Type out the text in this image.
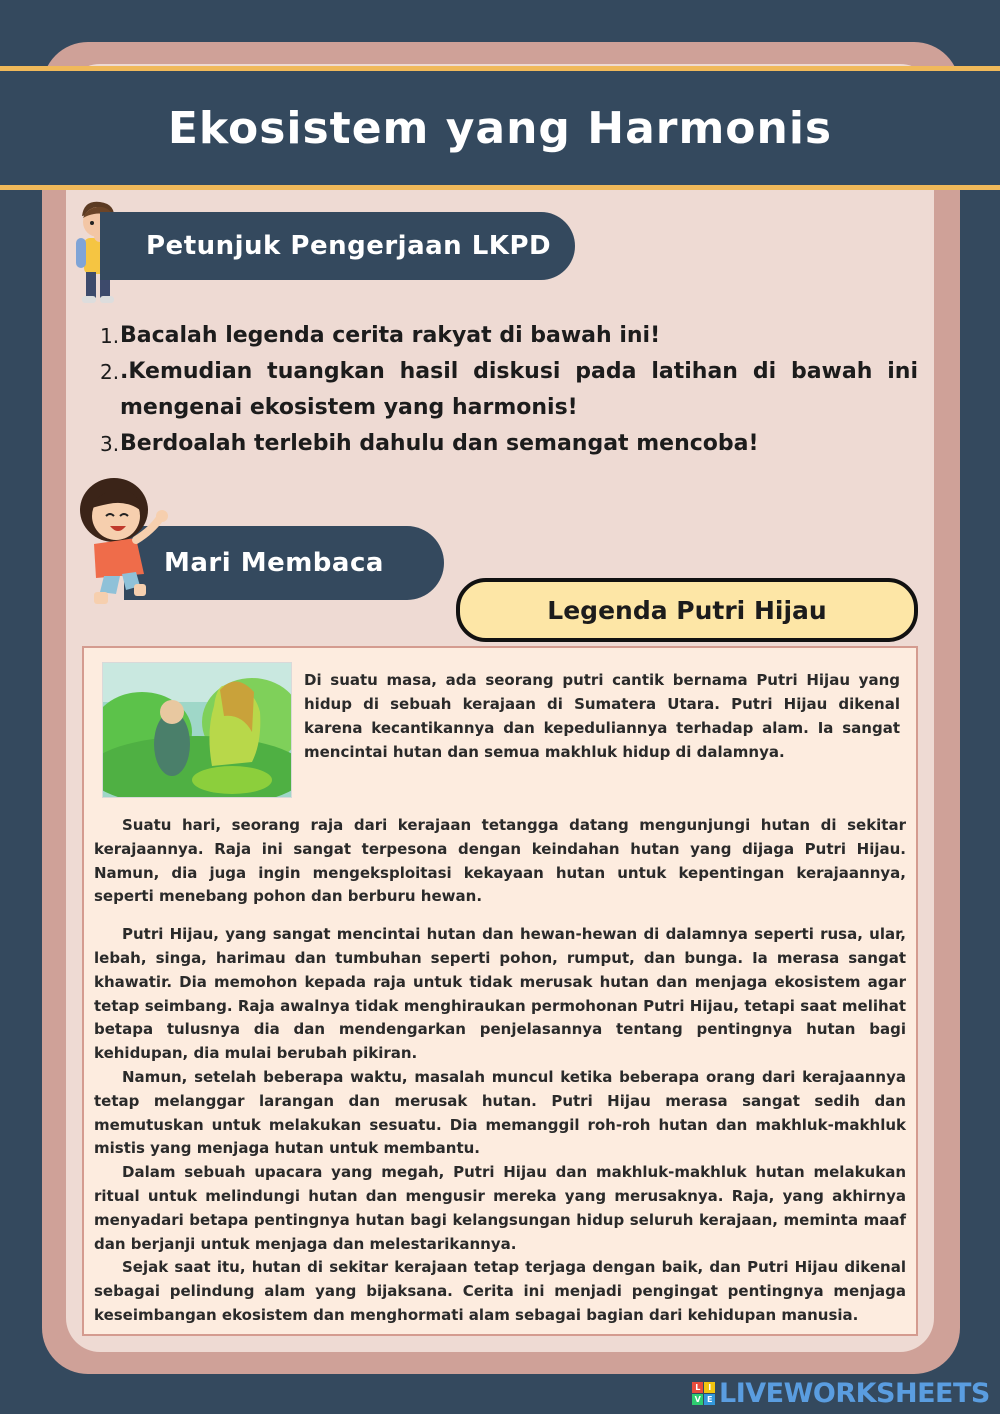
Ekosistem yang Harmonis
Petunjuk Pengerjaan LKPD
1. Bacalah legenda cerita rakyat di bawah ini!
2. .Kemudian tuangkan hasil diskusi pada latihan di bawah ini mengenai ekosistem yang harmonis!
3. Berdoalah terlebih dahulu dan semangat mencoba!
Mari Membaca
Legenda Putri Hijau

Di suatu masa, ada seorang putri cantik bernama Putri Hijau yang hidup di sebuah kerajaan di Sumatera Utara. Putri Hijau dikenal karena kecantikannya dan kepeduliannya terhadap alam. Ia sangat mencintai hutan dan semua makhluk hidup di dalamnya.

Suatu hari, seorang raja dari kerajaan tetangga datang mengunjungi hutan di sekitar kerajaannya. Raja ini sangat terpesona dengan keindahan hutan yang dijaga Putri Hijau. Namun, dia juga ingin mengeksploitasi kekayaan hutan untuk kepentingan kerajaannya, seperti menebang pohon dan berburu hewan.

Putri Hijau, yang sangat mencintai hutan dan hewan-hewan di dalamnya seperti rusa, ular, lebah, singa, harimau dan tumbuhan seperti pohon, rumput, dan bunga. Ia merasa sangat khawatir. Dia memohon kepada raja untuk tidak merusak hutan dan menjaga ekosistem agar tetap seimbang. Raja awalnya tidak menghiraukan permohonan Putri Hijau, tetapi saat melihat betapa tulusnya dia dan mendengarkan penjelasannya tentang pentingnya hutan bagi kehidupan, dia mulai berubah pikiran.

Namun, setelah beberapa waktu, masalah muncul ketika beberapa orang dari kerajaannya tetap melanggar larangan dan merusak hutan. Putri Hijau merasa sangat sedih dan memutuskan untuk melakukan sesuatu. Dia memanggil roh-roh hutan dan makhluk-makhluk mistis yang menjaga hutan untuk membantu.

Dalam sebuah upacara yang megah, Putri Hijau dan makhluk-makhluk hutan melakukan ritual untuk melindungi hutan dan mengusir mereka yang merusaknya. Raja, yang akhirnya menyadari betapa pentingnya hutan bagi kelangsungan hidup seluruh kerajaan, meminta maaf dan berjanji untuk menjaga dan melestarikannya.

Sejak saat itu, hutan di sekitar kerajaan tetap terjaga dengan baik, dan Putri Hijau dikenal sebagai pelindung alam yang bijaksana. Cerita ini menjadi pengingat pentingnya menjaga keseimbangan ekosistem dan menghormati alam sebagai bagian dari kehidupan manusia.

L	I
V E LIVEWORKSHEETS
